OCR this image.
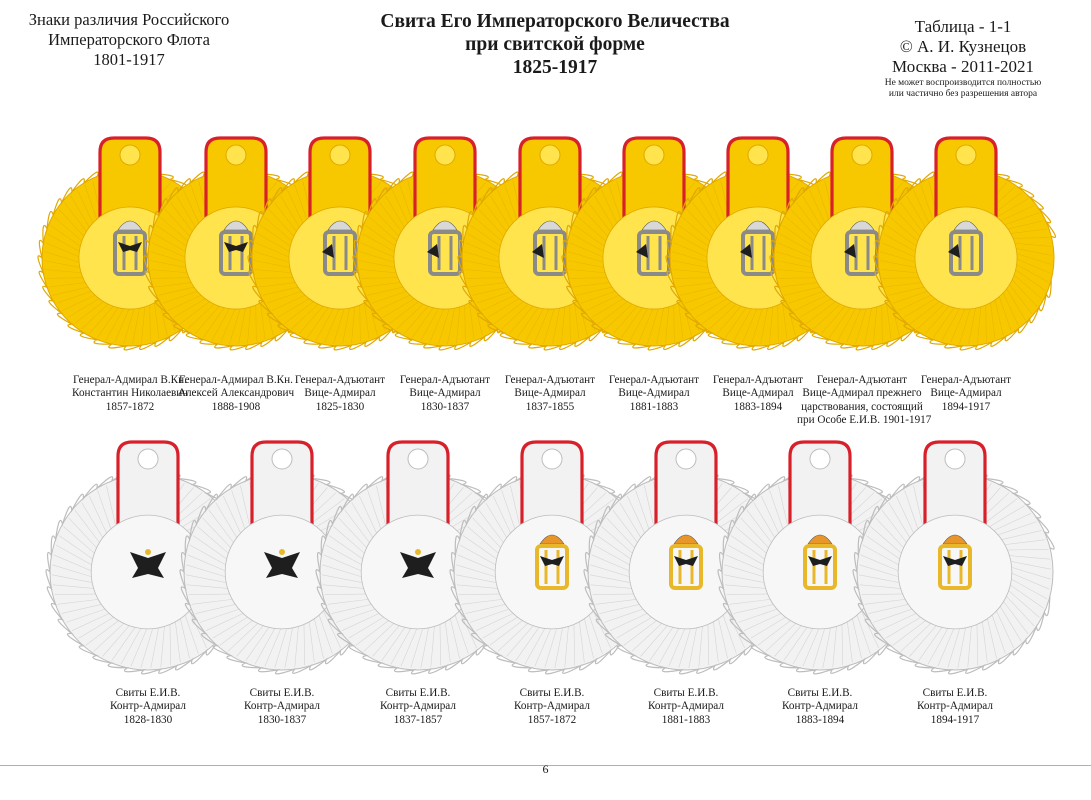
Знаки различия Российского
Императорского Флота
1801-1917
Свита Его Императорского Величества
при свитской форме
1825-1917
Таблица - 1-1
© А. И. Кузнецов
Москва - 2011-2021
Не может воспроизводится полностью
или частично без разрешения автора
Генерал-Адмирал В.Кн.
Константин Николаевич
1857-1872
Генерал-Адмирал В.Кн.
Алексей Александрович
1888-1908
Генерал-Адъютант
Вице-Адмирал
1825-1830
Генерал-Адъютант
Вице-Адмирал
1830-1837
Генерал-Адъютант
Вице-Адмирал
1837-1855
Генерал-Адъютант
Вице-Адмирал
1881-1883
Генерал-Адъютант
Вице-Адмирал
1883-1894
Генерал-Адъютант
Вице-Адмирал прежнего
царствования, состоящий
при Особе Е.И.В. 1901-1917
Генерал-Адъютант
Вице-Адмирал
1894-1917
Свиты Е.И.В.
Контр-Адмирал
1828-1830
Свиты Е.И.В.
Контр-Адмирал
1830-1837
Свиты Е.И.В.
Контр-Адмирал
1837-1857
Свиты Е.И.В.
Контр-Адмирал
1857-1872
Свиты Е.И.В.
Контр-Адмирал
1881-1883
Свиты Е.И.В.
Контр-Адмирал
1883-1894
Свиты Е.И.В.
Контр-Адмирал
1894-1917
6
